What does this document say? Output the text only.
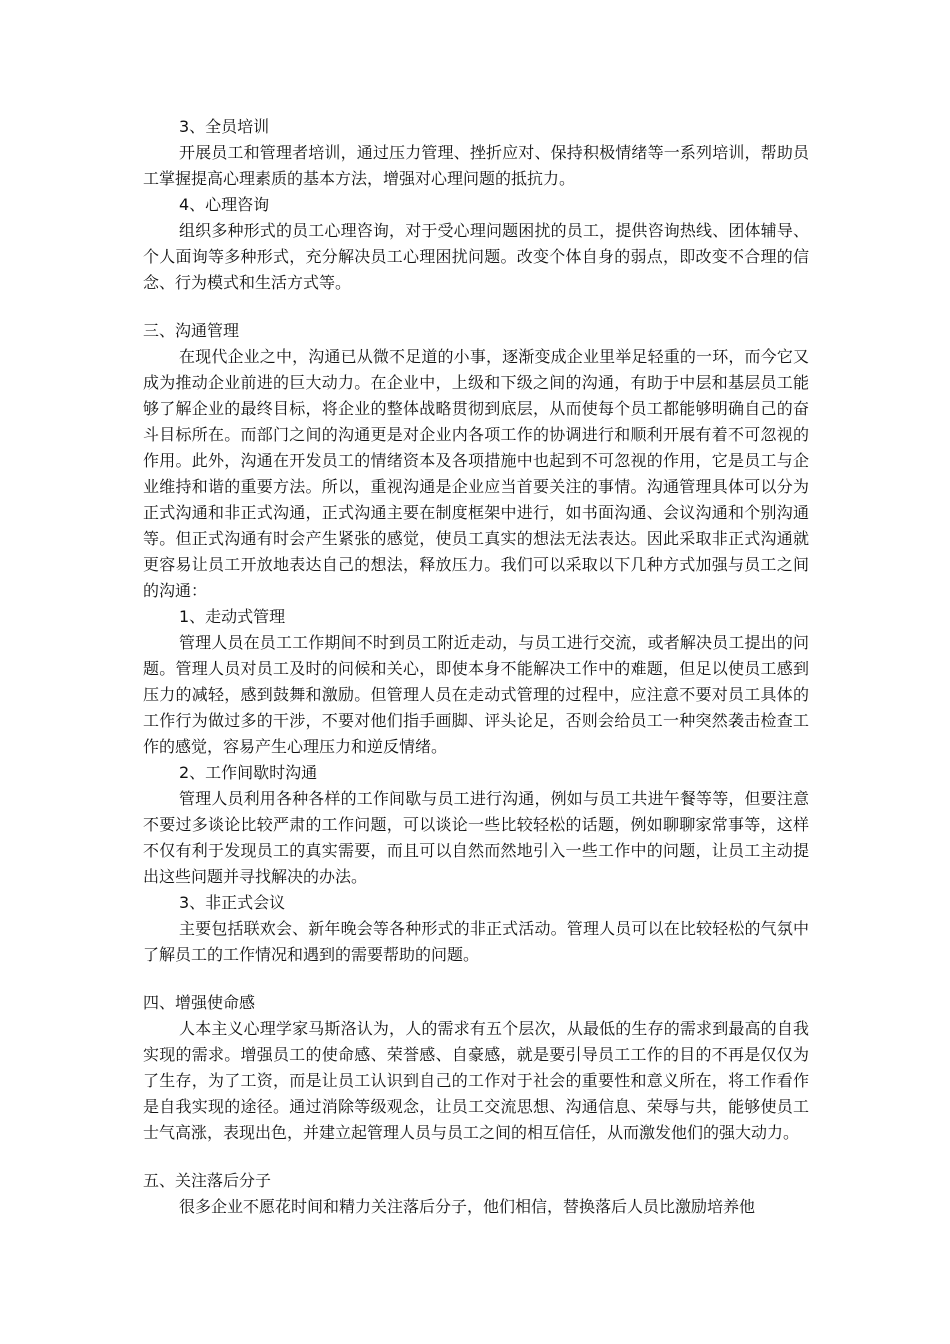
3、全员培训

开展员工和管理者培训，通过压力管理、挫折应对、保持积极情绪等一系列培训，帮助员工掌握提高心理素质的基本方法，增强对心理问题的抵抗力。

4、心理咨询

组织多种形式的员工心理咨询，对于受心理问题困扰的员工，提供咨询热线、团体辅导、个人面询等多种形式，充分解决员工心理困扰问题。改变个体自身的弱点，即改变不合理的信念、行为模式和生活方式等。

三、沟通管理

在现代企业之中，沟通已从微不足道的小事，逐渐变成企业里举足轻重的一环，而今它又成为推动企业前进的巨大动力。在企业中，上级和下级之间的沟通，有助于中层和基层员工能够了解企业的最终目标，将企业的整体战略贯彻到底层，从而使每个员工都能够明确自己的奋斗目标所在。而部门之间的沟通更是对企业内各项工作的协调进行和顺利开展有着不可忽视的作用。此外，沟通在开发员工的情绪资本及各项措施中也起到不可忽视的作用，它是员工与企业维持和谐的重要方法。所以，重视沟通是企业应当首要关注的事情。沟通管理具体可以分为正式沟通和非正式沟通，正式沟通主要在制度框架中进行，如书面沟通、会议沟通和个别沟通等。但正式沟通有时会产生紧张的感觉，使员工真实的想法无法表达。因此采取非正式沟通就更容易让员工开放地表达自己的想法，释放压力。我们可以采取以下几种方式加强与员工之间的沟通：

1、走动式管理

管理人员在员工工作期间不时到员工附近走动，与员工进行交流，或者解决员工提出的问题。管理人员对员工及时的问候和关心，即使本身不能解决工作中的难题，但足以使员工感到压力的减轻，感到鼓舞和激励。但管理人员在走动式管理的过程中，应注意不要对员工具体的工作行为做过多的干涉，不要对他们指手画脚、评头论足，否则会给员工一种突然袭击检查工作的感觉，容易产生心理压力和逆反情绪。

2、工作间歇时沟通

管理人员利用各种各样的工作间歇与员工进行沟通，例如与员工共进午餐等等，但要注意不要过多谈论比较严肃的工作问题，可以谈论一些比较轻松的话题，例如聊聊家常事等，这样不仅有利于发现员工的真实需要，而且可以自然而然地引入一些工作中的问题，让员工主动提出这些问题并寻找解决的办法。

3、非正式会议

主要包括联欢会、新年晚会等各种形式的非正式活动。管理人员可以在比较轻松的气氛中了解员工的工作情况和遇到的需要帮助的问题。

四、增强使命感

人本主义心理学家马斯洛认为，人的需求有五个层次，从最低的生存的需求到最高的自我实现的需求。增强员工的使命感、荣誉感、自豪感，就是要引导员工工作的目的不再是仅仅为了生存，为了工资，而是让员工认识到自己的工作对于社会的重要性和意义所在，将工作看作是自我实现的途径。通过消除等级观念，让员工交流思想、沟通信息、荣辱与共，能够使员工士气高涨，表现出色，并建立起管理人员与员工之间的相互信任，从而激发他们的强大动力。

五、关注落后分子

很多企业不愿花时间和精力关注落后分子，他们相信，替换落后人员比激励培养他
